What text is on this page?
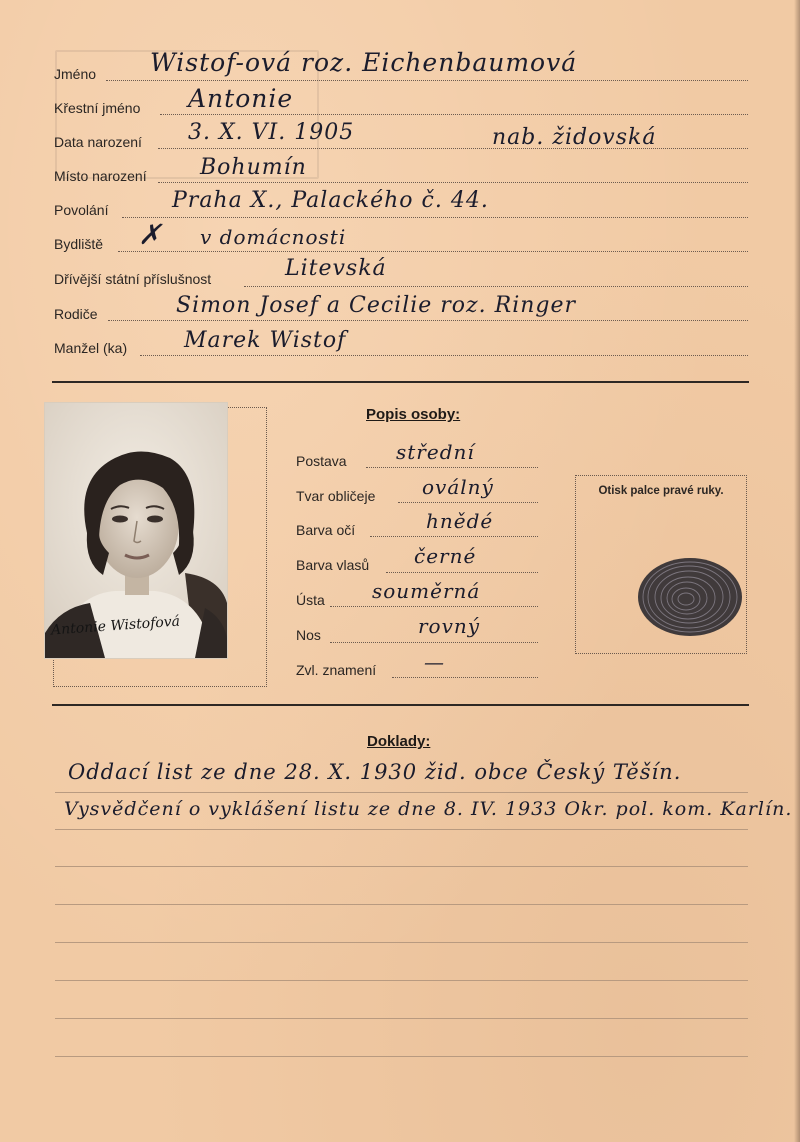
Jméno Wistof-ová roz. Eichenbaumová
Křestní jméno Antonie
Data narození 3. X. VI. 1905	nab. židovská
Místo narození Bohumín
Povolání	Praha X., Palackého č. 44.
Bydliště ✗ v domácnosti
Dřívější státní příslušnost	Litevská
Rodiče	Simon Josef a Cecilie roz. Ringer
Manžel (ka)	Marek Wistof
Antonie Wistofová
Popis osoby:
Postava střední
Tvar obličeje oválný
Barva očí	hnědé
Barva vlasů černé
Ústa souměrná
Nos	rovný
Zvl. znamení —
Otisk palce pravé ruky.
Doklady:
Oddací list ze dne 28. X. 1930 žid. obce Český Těšín.
Vysvědčení o vyklášení listu ze dne 8. IV. 1933 Okr. pol. kom. Karlín.
